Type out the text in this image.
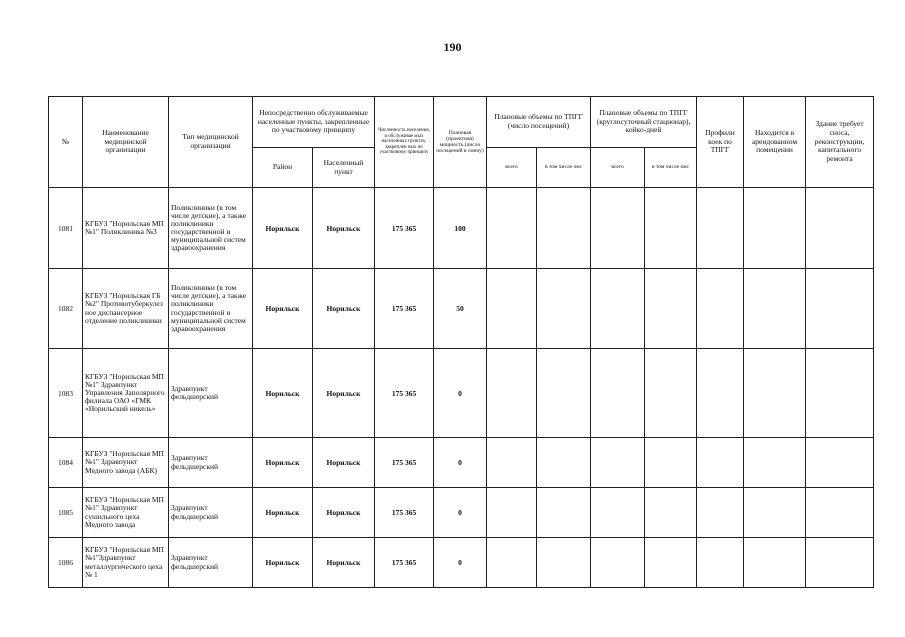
190
№	Наименование медицинской организации	Тип медицинской организации	Непосредственно обслуживаемые населенные пункты, закрепленные по участковому принципу		Численность населения, в обслуживае мых населенных пунктах, закреплен ных по участковому принципу	Плановая (проектная) мощность (число посещений в смену)	Плановые объемы по ТПГГ (число посещений)		Плановые объемы по ТПГГ (круглосуточный стационар), койко-дней		Профили коек по ТПГГ	Находится в арендованном помещении	Здание требует сноса, реконструкции, капитального ремонта
			Район	Населенный пункт			всего	в том числе омс	всего	в том числе омс			
1081	КГБУЗ "Норильская МП №1" Поликлиника №3	Поликлиники (в том числе детские), а также поликлиники государственной и муниципальной систем здравоохранения	Норильск	Норильск	175 365	100							
1082	КГБУЗ "Норильская ГБ №2" Противотуберкулез ное диспансерное отделение поликлиники	Поликлиники (в том числе детские), а также поликлиники государственной и муниципальной систем здравоохранения	Норильск	Норильск	175 365	50							
1083	КГБУЗ "Норильская МП №1" Здравпункт Управления Заполярного филиала ОАО «ГМК «Норильский никель»	Здравпункт фельдшерский	Норильск	Норильск	175 365	0							
1084	КГБУЗ "Норильская МП №1" Здравпункт Медного завода (АБК)	Здравпункт фельдшерский	Норильск	Норильск	175 365	0							
1085	КГБУЗ "Норильская МП №1" Здравпункт сушильного цеха Медного завода	Здравпункт фельдшерский	Норильск	Норильск	175 365	0							
1086	КГБУЗ "Норильская МП №1"Здравпункт металлургического цеха № 1	Здравпункт фельдшерский	Норильск	Норильск	175 365	0							
